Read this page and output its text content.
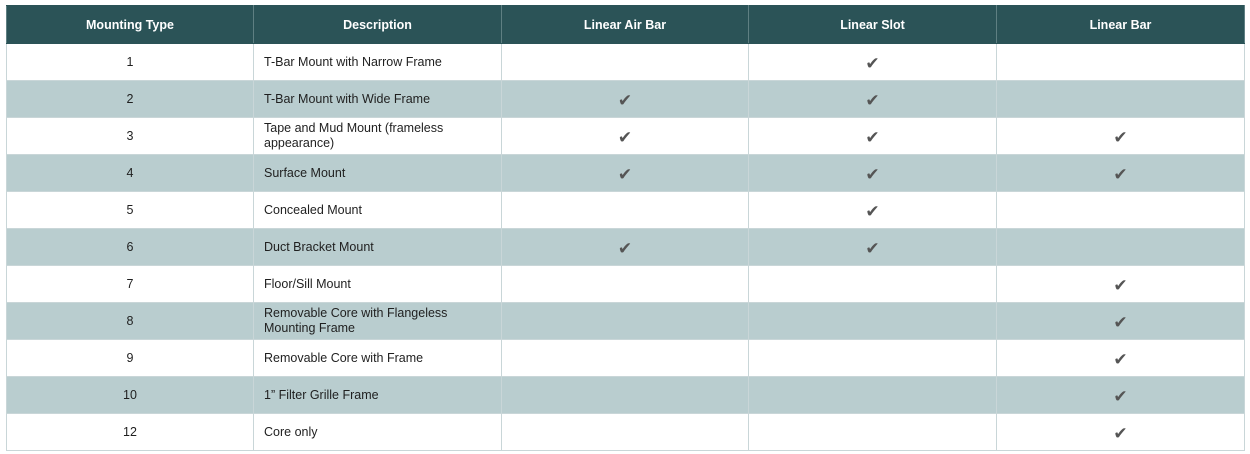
Mounting Type	Description	Linear Air Bar	Linear Slot	Linear Bar
1	T-Bar Mount with Narrow Frame		✔	
2	T-Bar Mount with Wide Frame	✔	✔	
3	Tape and Mud Mount (frameless appearance)	✔	✔	✔
4	Surface Mount	✔	✔	✔
5	Concealed Mount		✔	
6	Duct Bracket Mount	✔	✔	
7	Floor/Sill Mount			✔
8	Removable Core with Flangeless Mounting Frame			✔
9	Removable Core with Frame			✔
10	1” Filter Grille Frame			✔
12	Core only			✔
